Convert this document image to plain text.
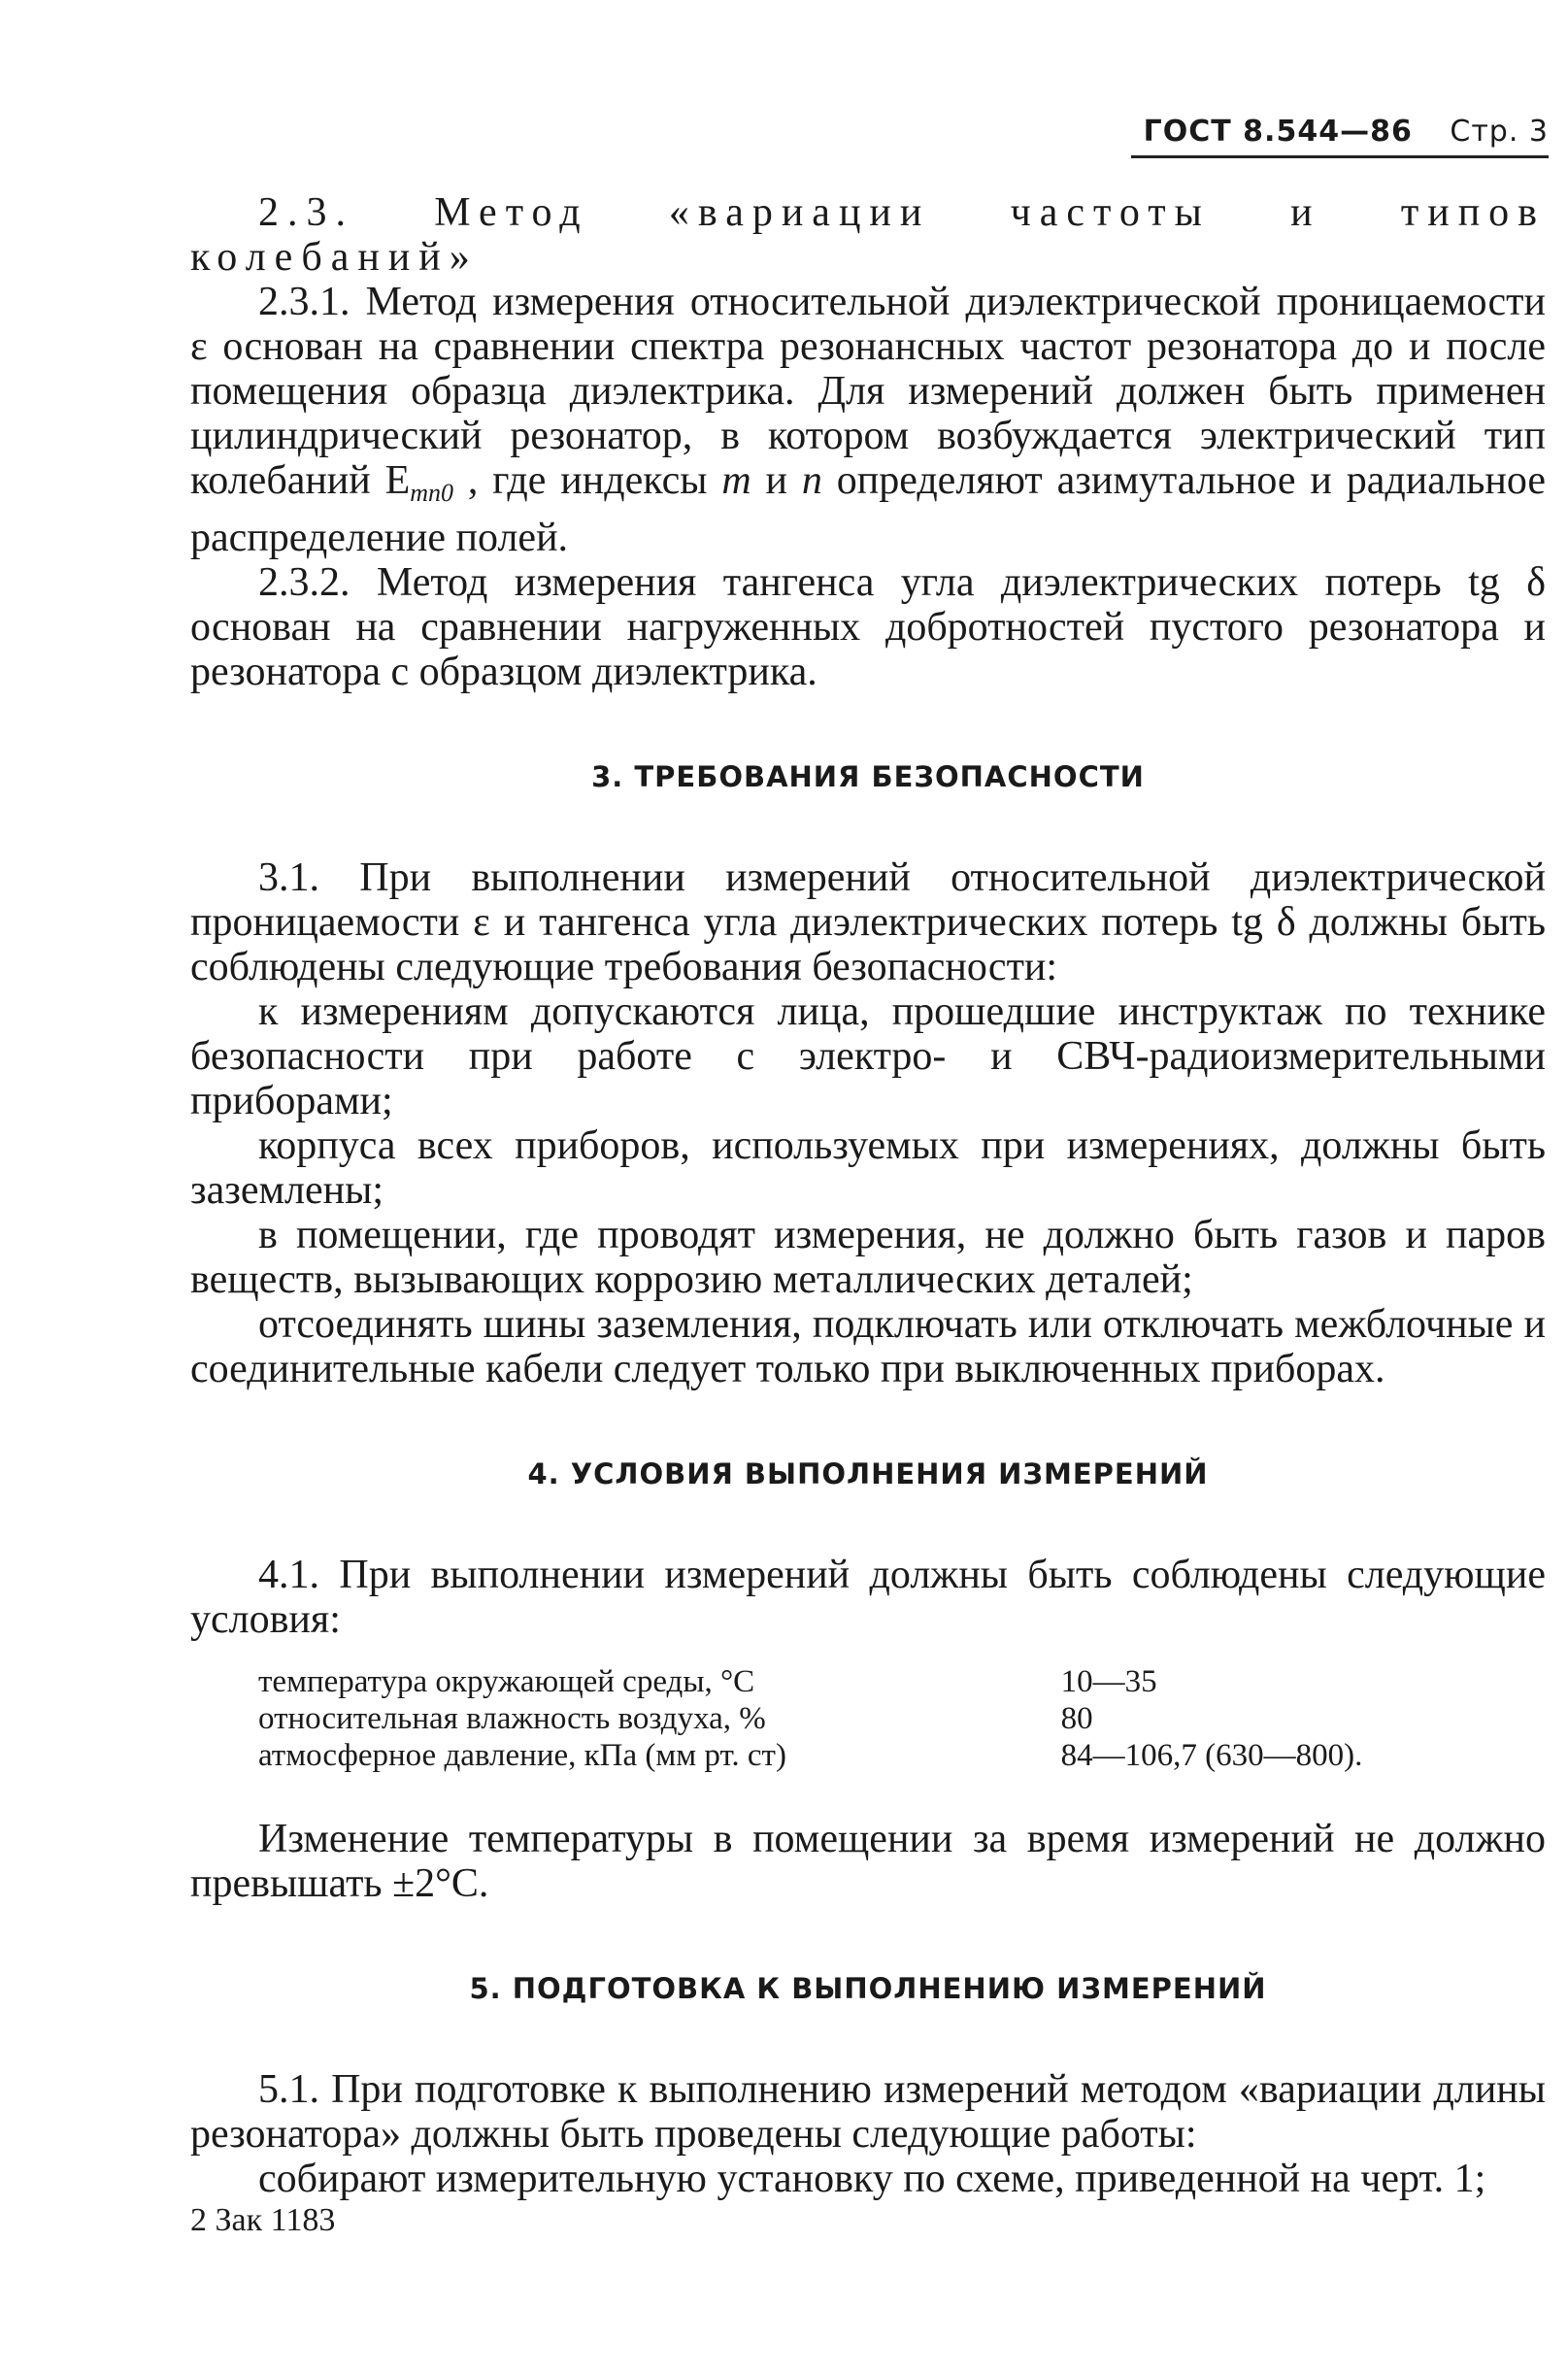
ГОСТ 8.544—86 Стр. 3

2.3. Метод «вариации частоты и типов колебаний»

2.3.1. Метод измерения относительной диэлектрической проницаемости ε основан на сравнении спектра резонансных частот резонатора до и после помещения образца диэлектрика. Для измерений должен быть применен цилиндрический резонатор, в котором возбуждается электрический тип колебаний $E_{mn0}$ , где индексы m и n определяют азимутальное и радиальное распределение полей.

2.3.2. Метод измерения тангенса угла диэлектрических потерь tg δ основан на сравнении нагруженных добротностей пустого резонатора и резонатора с образцом диэлектрика.

3. ТРЕБОВАНИЯ БЕЗОПАСНОСТИ

3.1. При выполнении измерений относительной диэлектрической проницаемости ε и тангенса угла диэлектрических потерь tg δ должны быть соблюдены следующие требования безопасности:

к измерениям допускаются лица, прошедшие инструктаж по технике безопасности при работе с электро- и СВЧ-радиоизмерительными приборами;

корпуса всех приборов, используемых при измерениях, должны быть заземлены;

в помещении, где проводят измерения, не должно быть газов и паров веществ, вызывающих коррозию металлических деталей;

отсоединять шины заземления, подключать или отключать межблочные и соединительные кабели следует только при выключенных приборах.

4. УСЛОВИЯ ВЫПОЛНЕНИЯ ИЗМЕРЕНИЙ

4.1. При выполнении измерений должны быть соблюдены следующие условия:

температура окружающей среды, °С	10—35
относительная влажность воздуха, %	80
атмосферное давление, кПа (мм рт. ст)	84—106,7 (630—800).

Изменение температуры в помещении за время измерений не должно превышать ±2°С.

5. ПОДГОТОВКА К ВЫПОЛНЕНИЮ ИЗМЕРЕНИЙ

5.1. При подготовке к выполнению измерений методом «вариации длины резонатора» должны быть проведены следующие работы:

собирают измерительную установку по схеме, приведенной на черт. 1;

2 Зак 1183
